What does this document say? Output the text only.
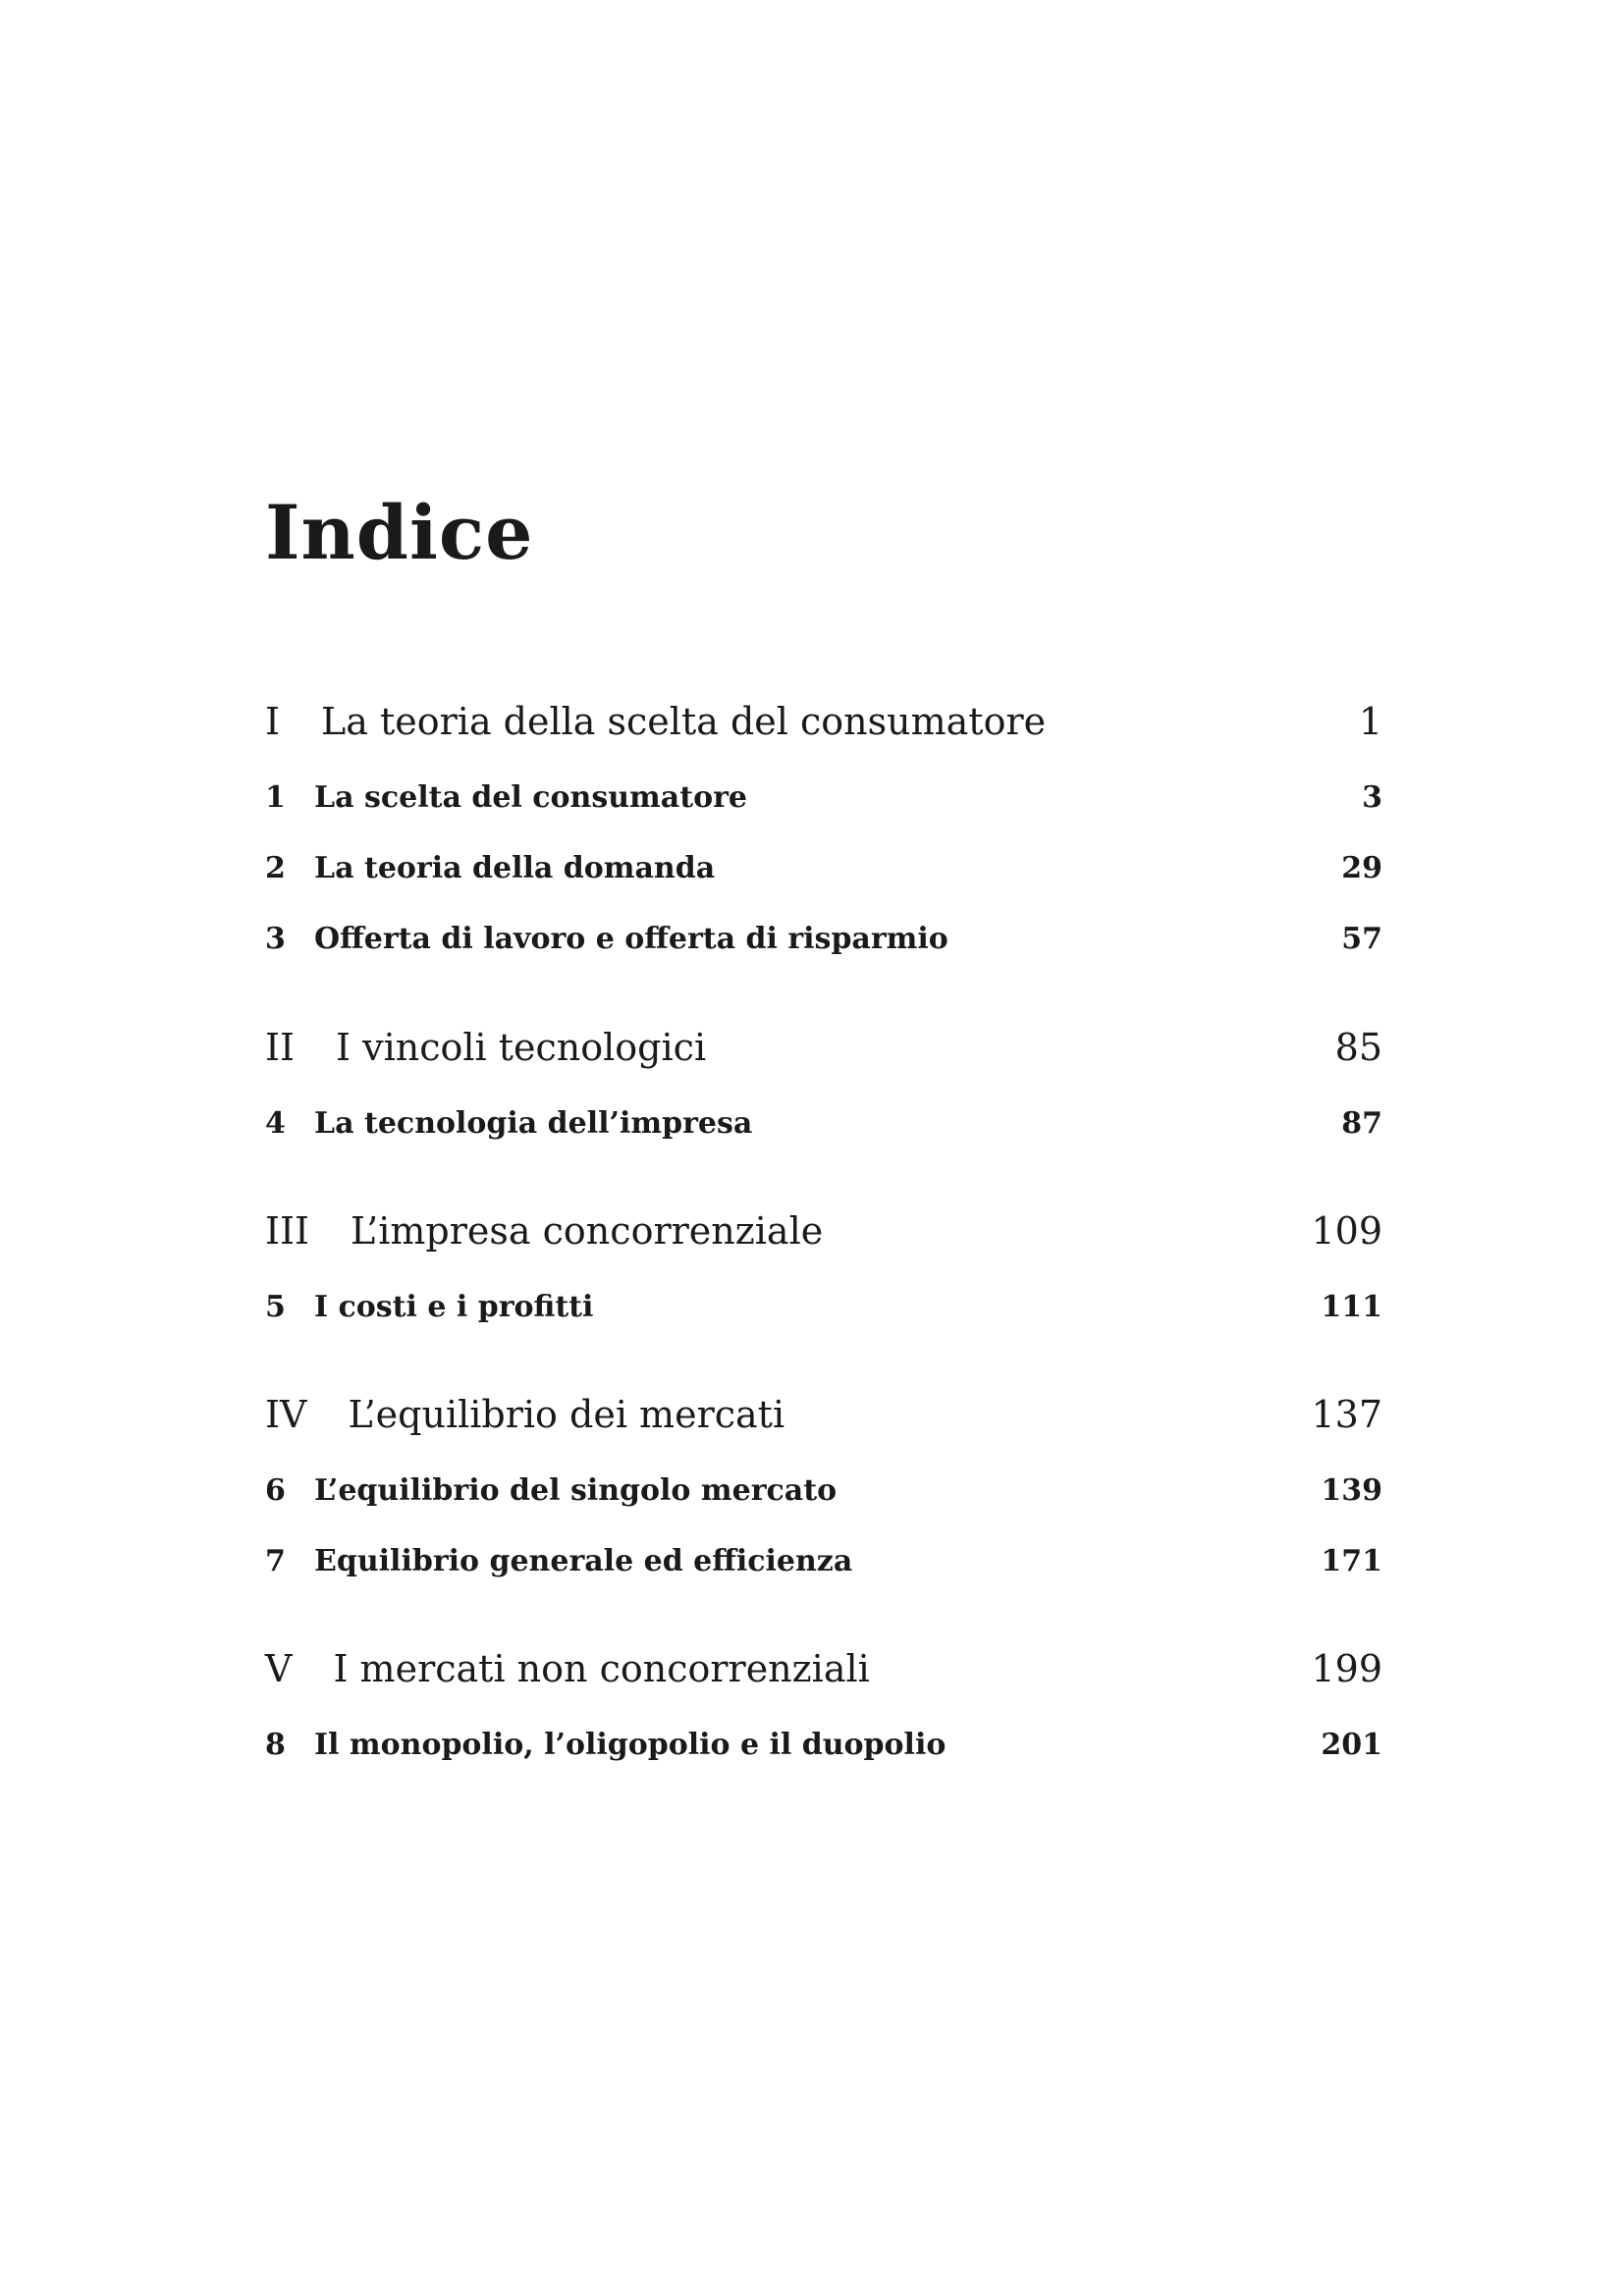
Indice
I La teoria della scelta del consumatore	1
1 La scelta del consumatore	3
2 La teoria della domanda	29
3 Offerta di lavoro e offerta di risparmio	57
II I vincoli tecnologici	85
4 La tecnologia dell’impresa	87
III L’impresa concorrenziale	109
5 I costi e i profitti	111
IV L’equilibrio dei mercati	137
6 L’equilibrio del singolo mercato	139
7 Equilibrio generale ed efficienza	171
V I mercati non concorrenziali	199
8 Il monopolio, l’oligopolio e il duopolio	201
